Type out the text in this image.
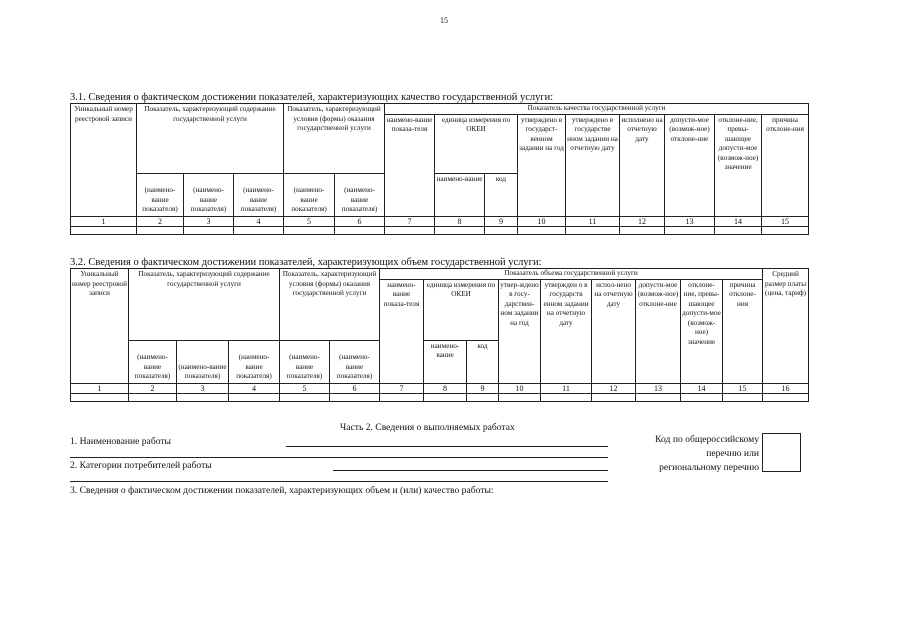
15
3.1. Сведения о фактическом достижении показателей, характеризующих качество государственной услуги:
Уникальный номер реестровой записи	Показатель, характеризующий содержание государственной услуги			Показатель, характеризующий условия (формы) оказания государственной услуги		Показатель качества государственной услуги								
						наимено-вание показа-теля	единица измерения по ОКЕИ		утверждено в государст-венном задании на год	утверждено в государстве нном задании на отчетную дату	исполнено на отчетную дату	допусти-мое (возмож-ное) отклоне-ние	отклоне-ние, превы-шающее допусти-мое (возмож-ное) значение	причина отклоне-ния
	(наимено-вание показателя)	(наимено-вание показателя)	(наимено-вание показателя)	(наимено-вание показателя)	(наимено-вание показателя)		наимено-вание	код						
1	2	3	4	5	6	7	8	9	10	11	12	13	14	15

3.2. Сведения о фактическом достижении показателей, характеризующих объем государственной услуги:
Уникальный номер реестровой записи	Показатель, характеризующий содержание государственной услуги			Показатель, характеризующий условия (формы) оказания государственной услуги		Показатель объема государственной услуги									Средний размер платы (цена, тариф)
						наимено-вание показа-теля	единица измерения по ОКЕИ		утвер-ждено в госу-дарствен-ном задании на год	утвержден о в государств енном задании на отчетную дату	испол-нено на отчетную дату	допусти-мое (возмож-ное) отклоне-ние	отклоне-ние, превы-шающее допусти-мое (возмож-ное) значение	причина отклоне-ния	
	(наимено-вание показателя)	(наимено-вание показателя)	(наимено-вание показателя)	(наимено-вание показателя)	(наимено-вание показателя)		наимено-вание	код							
1	2	3	4	5	6	7	8	9	10	11	12	13	14	15	16

Часть 2. Сведения о выполняемых работах
1. Наименование работы
2. Категории потребителей работы
Код по общероссийскому
перечню или
региональному перечню
3. Сведения о фактическом достижении показателей, характеризующих объем и (или) качество работы:
